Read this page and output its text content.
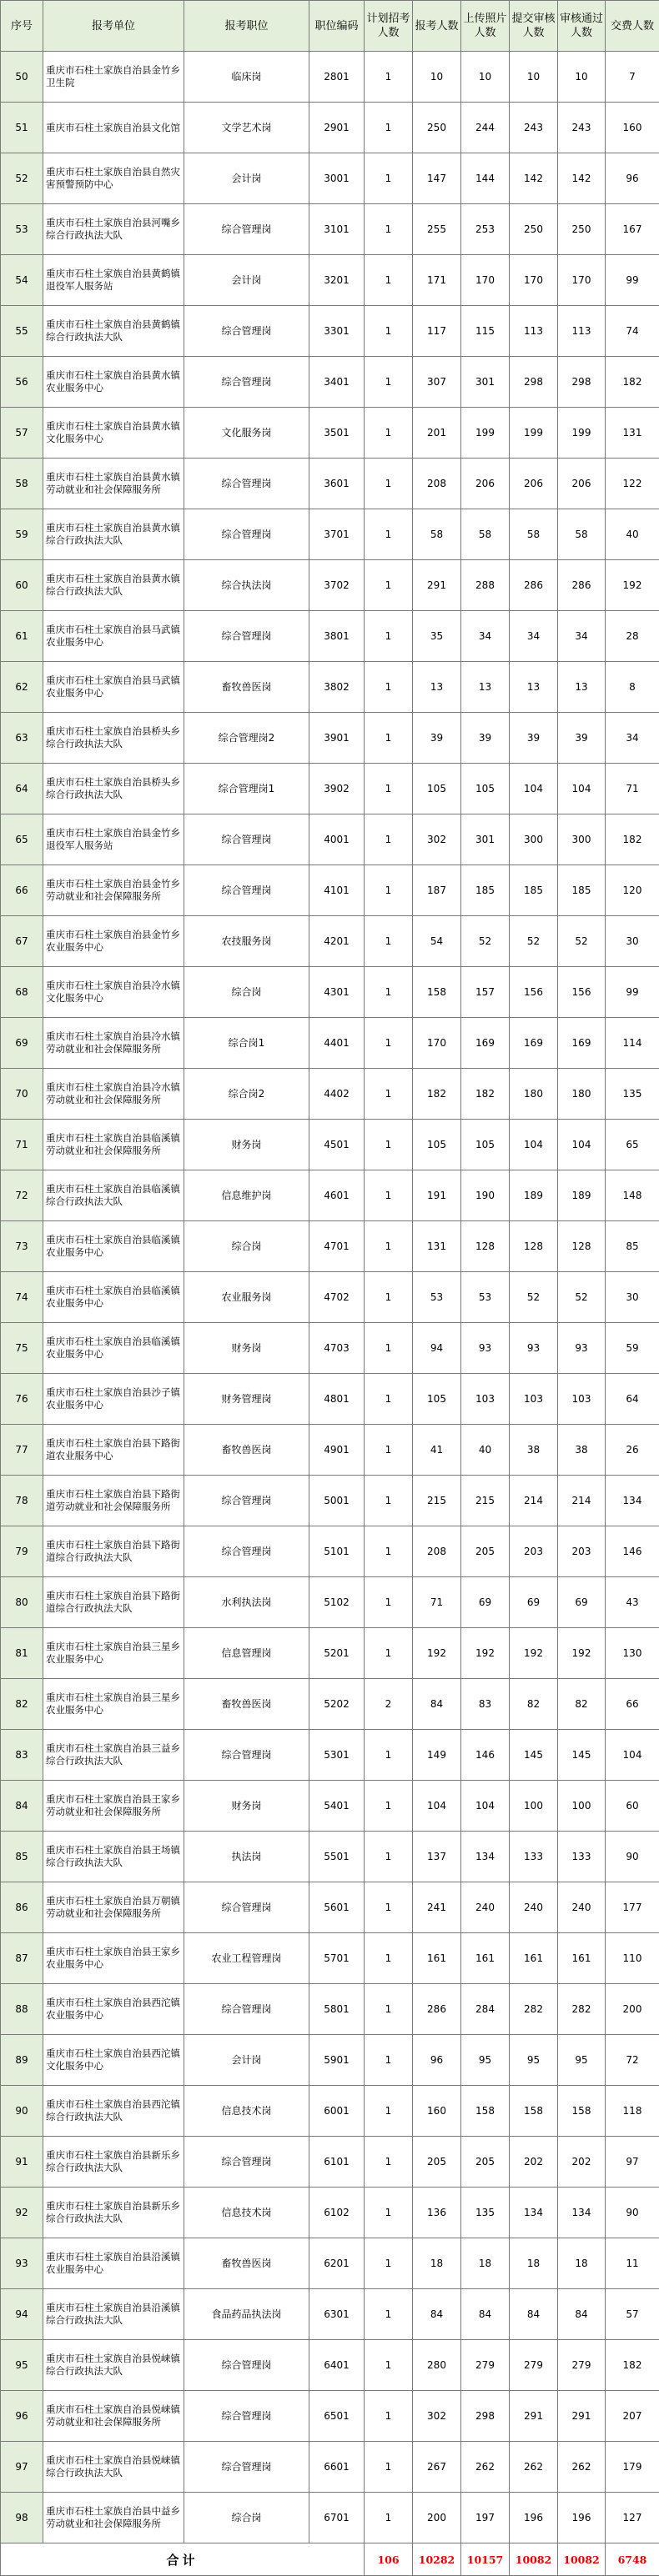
序号	报考单位	报考职位	职位编码	计划招考人数	报考人数	上传照片人数	提交审核人数	审核通过人数	交费人数
50	重庆市石柱土家族自治县金竹乡卫生院	临床岗	2801	1	10	10	10	10	7
51	重庆市石柱土家族自治县文化馆	文学艺术岗	2901	1	250	244	243	243	160
52	重庆市石柱土家族自治县自然灾害预警预防中心	会计岗	3001	1	147	144	142	142	96
53	重庆市石柱土家族自治县河嘴乡综合行政执法大队	综合管理岗	3101	1	255	253	250	250	167
54	重庆市石柱土家族自治县黄鹤镇退役军人服务站	会计岗	3201	1	171	170	170	170	99
55	重庆市石柱土家族自治县黄鹤镇综合行政执法大队	综合管理岗	3301	1	117	115	113	113	74
56	重庆市石柱土家族自治县黄水镇农业服务中心	综合管理岗	3401	1	307	301	298	298	182
57	重庆市石柱土家族自治县黄水镇文化服务中心	文化服务岗	3501	1	201	199	199	199	131
58	重庆市石柱土家族自治县黄水镇劳动就业和社会保障服务所	综合管理岗	3601	1	208	206	206	206	122
59	重庆市石柱土家族自治县黄水镇综合行政执法大队	综合管理岗	3701	1	58	58	58	58	40
60	重庆市石柱土家族自治县黄水镇综合行政执法大队	综合执法岗	3702	1	291	288	286	286	192
61	重庆市石柱土家族自治县马武镇农业服务中心	综合管理岗	3801	1	35	34	34	34	28
62	重庆市石柱土家族自治县马武镇农业服务中心	畜牧兽医岗	3802	1	13	13	13	13	8
63	重庆市石柱土家族自治县桥头乡综合行政执法大队	综合管理岗2	3901	1	39	39	39	39	34
64	重庆市石柱土家族自治县桥头乡综合行政执法大队	综合管理岗1	3902	1	105	105	104	104	71
65	重庆市石柱土家族自治县金竹乡退役军人服务站	综合管理岗	4001	1	302	301	300	300	182
66	重庆市石柱土家族自治县金竹乡劳动就业和社会保障服务所	综合管理岗	4101	1	187	185	185	185	120
67	重庆市石柱土家族自治县金竹乡农业服务中心	农技服务岗	4201	1	54	52	52	52	30
68	重庆市石柱土家族自治县冷水镇文化服务中心	综合岗	4301	1	158	157	156	156	99
69	重庆市石柱土家族自治县冷水镇劳动就业和社会保障服务所	综合岗1	4401	1	170	169	169	169	114
70	重庆市石柱土家族自治县冷水镇劳动就业和社会保障服务所	综合岗2	4402	1	182	182	180	180	135
71	重庆市石柱土家族自治县临溪镇劳动就业和社会保障服务所	财务岗	4501	1	105	105	104	104	65
72	重庆市石柱土家族自治县临溪镇综合行政执法大队	信息维护岗	4601	1	191	190	189	189	148
73	重庆市石柱土家族自治县临溪镇农业服务中心	综合岗	4701	1	131	128	128	128	85
74	重庆市石柱土家族自治县临溪镇农业服务中心	农业服务岗	4702	1	53	53	52	52	30
75	重庆市石柱土家族自治县临溪镇农业服务中心	财务岗	4703	1	94	93	93	93	59
76	重庆市石柱土家族自治县沙子镇农业服务中心	财务管理岗	4801	1	105	103	103	103	64
77	重庆市石柱土家族自治县下路街道农业服务中心	畜牧兽医岗	4901	1	41	40	38	38	26
78	重庆市石柱土家族自治县下路街道劳动就业和社会保障服务所	综合管理岗	5001	1	215	215	214	214	134
79	重庆市石柱土家族自治县下路街道综合行政执法大队	综合管理岗	5101	1	208	205	203	203	146
80	重庆市石柱土家族自治县下路街道综合行政执法大队	水利执法岗	5102	1	71	69	69	69	43
81	重庆市石柱土家族自治县三星乡农业服务中心	信息管理岗	5201	1	192	192	192	192	130
82	重庆市石柱土家族自治县三星乡农业服务中心	畜牧兽医岗	5202	2	84	83	82	82	66
83	重庆市石柱土家族自治县三益乡综合行政执法大队	综合管理岗	5301	1	149	146	145	145	104
84	重庆市石柱土家族自治县王家乡劳动就业和社会保障服务所	财务岗	5401	1	104	104	100	100	60
85	重庆市石柱土家族自治县王场镇综合行政执法大队	执法岗	5501	1	137	134	133	133	90
86	重庆市石柱土家族自治县万朝镇劳动就业和社会保障服务所	综合管理岗	5601	1	241	240	240	240	177
87	重庆市石柱土家族自治县王家乡农业服务中心	农业工程管理岗	5701	1	161	161	161	161	110
88	重庆市石柱土家族自治县西沱镇农业服务中心	综合管理岗	5801	1	286	284	282	282	200
89	重庆市石柱土家族自治县西沱镇文化服务中心	会计岗	5901	1	96	95	95	95	72
90	重庆市石柱土家族自治县西沱镇综合行政执法大队	信息技术岗	6001	1	160	158	158	158	118
91	重庆市石柱土家族自治县新乐乡综合行政执法大队	综合管理岗	6101	1	205	205	202	202	97
92	重庆市石柱土家族自治县新乐乡综合行政执法大队	信息技术岗	6102	1	136	135	134	134	90
93	重庆市石柱土家族自治县沿溪镇农业服务中心	畜牧兽医岗	6201	1	18	18	18	18	11
94	重庆市石柱土家族自治县沿溪镇综合行政执法大队	食品药品执法岗	6301	1	84	84	84	84	57
95	重庆市石柱土家族自治县悦崃镇综合行政执法大队	综合管理岗	6401	1	280	279	279	279	182
96	重庆市石柱土家族自治县悦崃镇劳动就业和社会保障服务所	综合管理岗	6501	1	302	298	291	291	207
97	重庆市石柱土家族自治县悦崃镇综合行政执法大队	综合管理岗	6601	1	267	262	262	262	179
98	重庆市石柱土家族自治县中益乡劳动就业和社会保障服务所	综合岗	6701	1	200	197	196	196	127
合计				106	10282	10157	10082	10082	6748
